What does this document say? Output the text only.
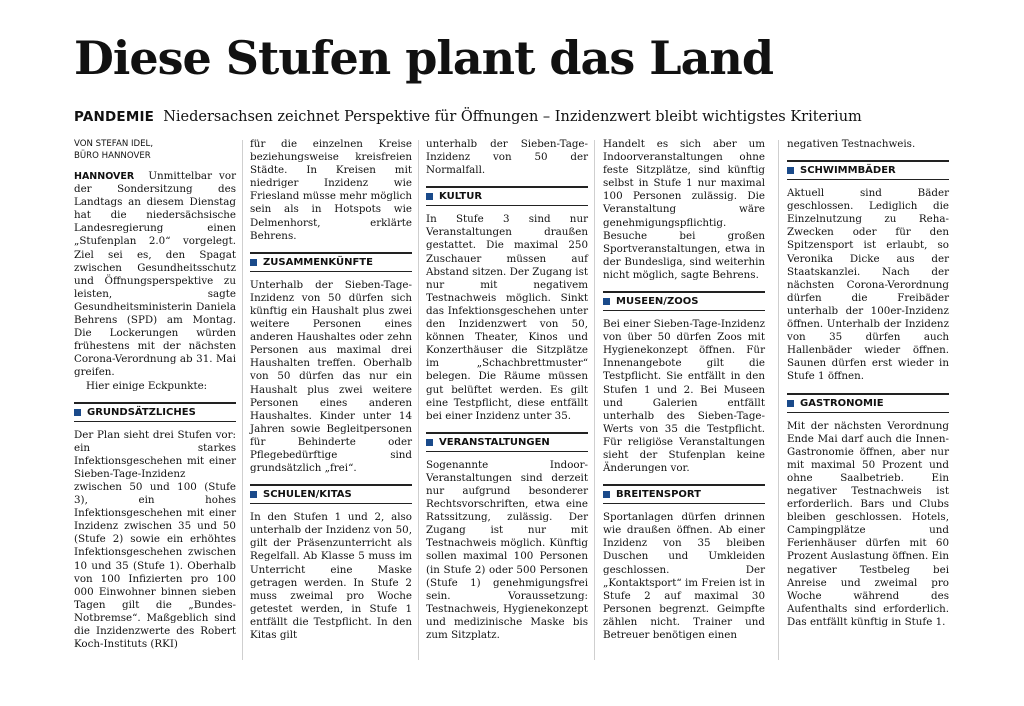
Diese Stufen plant das Land
PANDEMIE Niedersachsen zeichnet Perspektive für Öffnungen – Inzidenzwert bleibt wichtigstes Kriterium
VON STEFAN IDEL,
BÜRO HANNOVER

HANNOVER Unmittelbar vor der Sondersitzung des Landtags an diesem Dienstag hat die niedersächsische Landesregierung einen „Stufenplan 2.0“ vorgelegt. Ziel sei es, den Spagat zwischen Gesundheitsschutz und Öffnungsperspektive zu leisten, sagte Gesundheitsministerin Daniela Behrens (SPD) am Montag. Die Lockerungen würden frühestens mit der nächsten Corona-Verordnung ab 31. Mai greifen.

Hier einige Eckpunkte:

GRUNDSÄTZLICHES

Der Plan sieht drei Stufen vor: ein starkes Infektionsgeschehen mit einer Sieben-Tage-Inzidenz zwischen 50 und 100 (Stufe 3), ein hohes Infektionsgeschehen mit einer Inzidenz zwischen 35 und 50 (Stufe 2) sowie ein erhöhtes Infektionsgeschehen zwischen 10 und 35 (Stufe 1). Oberhalb von 100 Infizierten pro 100 000 Einwohner binnen sieben Tagen gilt die „Bundes-Notbremse“. Maßgeblich sind die Inzidenzwerte des Robert Koch-Instituts (RKI)

für die einzelnen Kreise beziehungsweise kreisfreien Städte. In Kreisen mit niedriger Inzidenz wie Friesland müsse mehr möglich sein als in Hotspots wie Delmenhorst, erklärte Behrens.

ZUSAMMENKÜNFTE

Unterhalb der Sieben-Tage-Inzidenz von 50 dürfen sich künftig ein Haushalt plus zwei weitere Personen eines anderen Haushaltes oder zehn Personen aus maximal drei Haushalten treffen. Oberhalb von 50 dürfen das nur ein Haushalt plus zwei weitere Personen eines anderen Haushaltes. Kinder unter 14 Jahren sowie Begleitpersonen für Behinderte oder Pflegebedürftige sind grundsätzlich „frei“.

SCHULEN/KITAS

In den Stufen 1 und 2, also unterhalb der Inzidenz von 50, gilt der Präsenzunterricht als Regelfall. Ab Klasse 5 muss im Unterricht eine Maske getragen werden. In Stufe 2 muss zweimal pro Woche getestet werden, in Stufe 1 entfällt die Testpflicht. In den Kitas gilt

unterhalb der Sieben-Tage-Inzidenz von 50 der Normalfall.

KULTUR

In Stufe 3 sind nur Veranstaltungen draußen gestattet. Die maximal 250 Zuschauer müssen auf Abstand sitzen. Der Zugang ist nur mit negativem Testnachweis möglich. Sinkt das Infektionsgeschehen unter den Inzidenzwert von 50, können Theater, Kinos und Konzerthäuser die Sitzplätze im „Schachbrettmuster“ belegen. Die Räume müssen gut belüftet werden. Es gilt eine Testpflicht, diese entfällt bei einer Inzidenz unter 35.

VERANSTALTUNGEN

Sogenannte Indoor-Veranstaltungen sind derzeit nur aufgrund besonderer Rechtsvorschriften, etwa eine Ratssitzung, zulässig. Der Zugang ist nur mit Testnachweis möglich. Künftig sollen maximal 100 Personen (in Stufe 2) oder 500 Personen (Stufe 1) genehmigungsfrei sein. Voraussetzung: Testnachweis, Hygienekonzept und medizinische Maske bis zum Sitzplatz.

Handelt es sich aber um Indoorveranstaltungen ohne feste Sitzplätze, sind künftig selbst in Stufe 1 nur maximal 100 Personen zulässig. Die Veranstaltung wäre genehmigungspflichtig. Besuche bei großen Sportveranstaltungen, etwa in der Bundesliga, sind weiterhin nicht möglich, sagte Behrens.

MUSEEN/ZOOS

Bei einer Sieben-Tage-Inzidenz von über 50 dürfen Zoos mit Hygienekonzept öffnen. Für Innenangebote gilt die Testpflicht. Sie entfällt in den Stufen 1 und 2. Bei Museen und Galerien entfällt unterhalb des Sieben-Tage-Werts von 35 die Testpflicht. Für religiöse Veranstaltungen sieht der Stufenplan keine Änderungen vor.

BREITENSPORT

Sportanlagen dürfen drinnen wie draußen öffnen. Ab einer Inzidenz von 35 bleiben Duschen und Umkleiden geschlossen. Der „Kontaktsport“ im Freien ist in Stufe 2 auf maximal 30 Personen begrenzt. Geimpfte zählen nicht. Trainer und Betreuer benötigen einen

negativen Testnachweis.

SCHWIMMBÄDER

Aktuell sind Bäder geschlossen. Lediglich die Einzelnutzung zu Reha-Zwecken oder für den Spitzensport ist erlaubt, so Veronika Dicke aus der Staatskanzlei. Nach der nächsten Corona-Verordnung dürfen die Freibäder unterhalb der 100er-Inzidenz öffnen. Unterhalb der Inzidenz von 35 dürfen auch Hallenbäder wieder öffnen. Saunen dürfen erst wieder in Stufe 1 öffnen.

GASTRONOMIE

Mit der nächsten Verordnung Ende Mai darf auch die Innen-Gastronomie öffnen, aber nur mit maximal 50 Prozent und ohne Saalbetrieb. Ein negativer Testnachweis ist erforderlich. Bars und Clubs bleiben geschlossen. Hotels, Campingplätze und Ferienhäuser dürfen mit 60 Prozent Auslastung öffnen. Ein negativer Testbeleg bei Anreise und zweimal pro Woche während des Aufenthalts sind erforderlich. Das entfällt künftig in Stufe 1.
